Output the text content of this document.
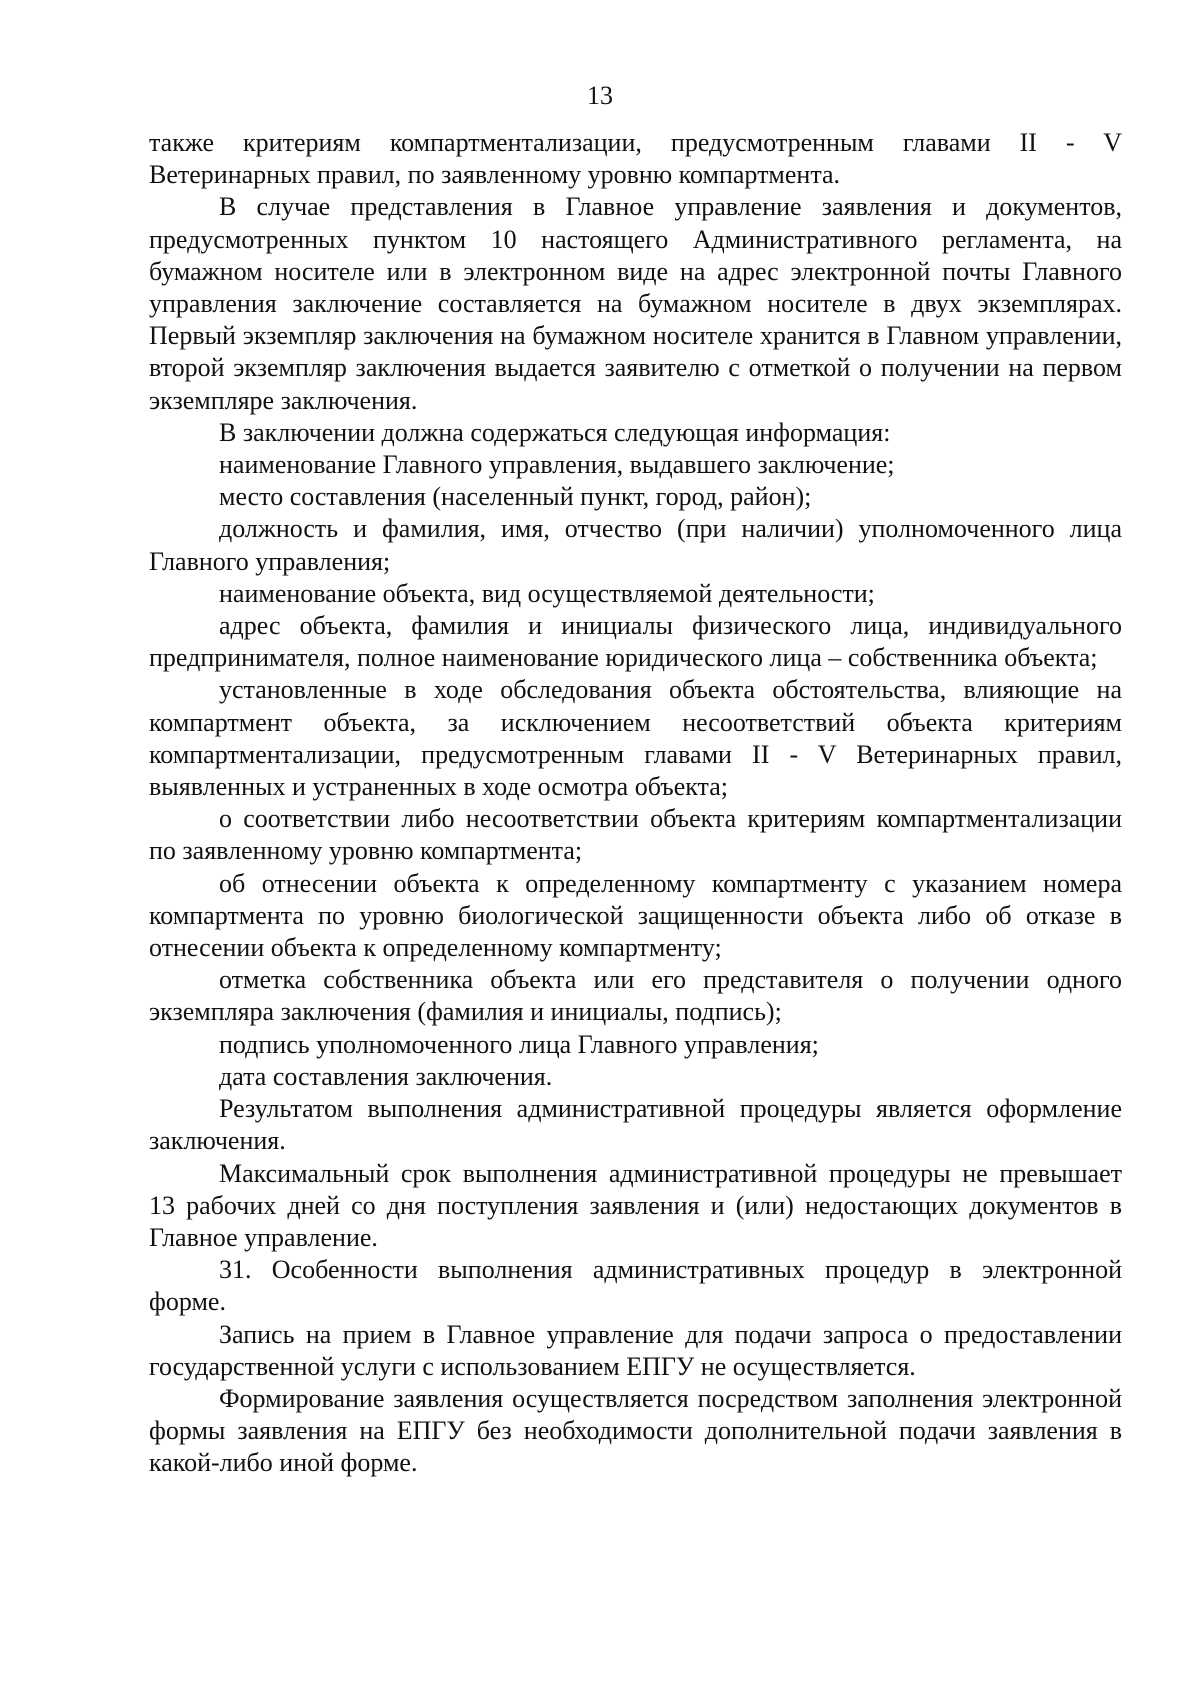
13

также критериям компартментализации, предусмотренным главами II - V Ветеринарных правил, по заявленному уровню компартмента.

В случае представления в Главное управление заявления и документов, предусмотренных пунктом 10 настоящего Административного регламента, на бумажном носителе или в электронном виде на адрес электронной почты Главного управления заключение составляется на бумажном носителе в двух экземплярах. Первый экземпляр заключения на бумажном носителе хранится в Главном управлении, второй экземпляр заключения выдается заявителю с отметкой о получении на первом экземпляре заключения.

В заключении должна содержаться следующая информация:

наименование Главного управления, выдавшего заключение;

место составления (населенный пункт, город, район);

должность и фамилия, имя, отчество (при наличии) уполномоченного лица Главного управления;

наименование объекта, вид осуществляемой деятельности;

адрес объекта, фамилия и инициалы физического лица, индивидуального предпринимателя, полное наименование юридического лица – собственника объекта;

установленные в ходе обследования объекта обстоятельства, влияющие на компартмент объекта, за исключением несоответствий объекта критериям компартментализации, предусмотренным главами II - V Ветеринарных правил, выявленных и устраненных в ходе осмотра объекта;

о соответствии либо несоответствии объекта критериям компартментализации по заявленному уровню компартмента;

об отнесении объекта к определенному компартменту с указанием номера компартмента по уровню биологической защищенности объекта либо об отказе в отнесении объекта к определенному компартменту;

отметка собственника объекта или его представителя о получении одного экземпляра заключения (фамилия и инициалы, подпись);

подпись уполномоченного лица Главного управления;

дата составления заключения.

Результатом выполнения административной процедуры является оформление заключения.

Максимальный срок выполнения административной процедуры не превышает 13 рабочих дней со дня поступления заявления и (или) недостающих документов в Главное управление.

31. Особенности выполнения административных процедур в электронной форме.

Запись на прием в Главное управление для подачи запроса о предоставлении государственной услуги с использованием ЕПГУ не осуществляется.

Формирование заявления осуществляется посредством заполнения электронной формы заявления на ЕПГУ без необходимости дополнительной подачи заявления в какой-либо иной форме.
